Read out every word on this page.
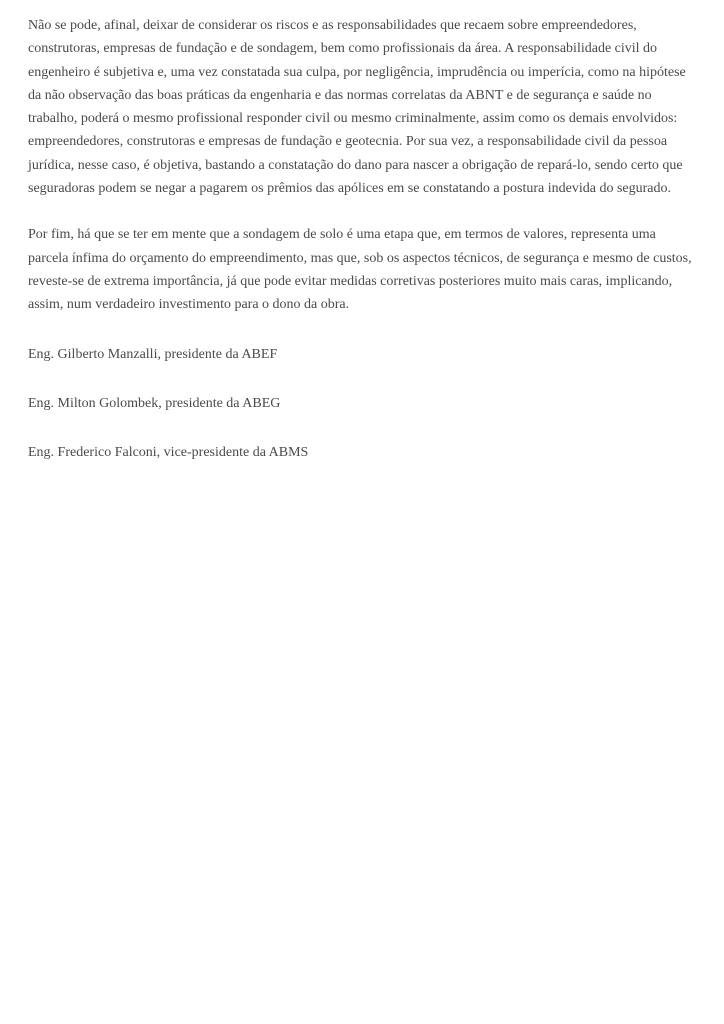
Não se pode, afinal, deixar de considerar os riscos e as responsabilidades que recaem sobre empreendedores, construtoras, empresas de fundação e de sondagem, bem como profissionais da área. A responsabilidade civil do engenheiro é subjetiva e, uma vez constatada sua culpa, por negligência, imprudência ou imperícia, como na hipótese da não observação das boas práticas da engenharia e das normas correlatas da ABNT e de segurança e saúde no trabalho, poderá o mesmo profissional responder civil ou mesmo criminalmente, assim como os demais envolvidos: empreendedores, construtoras e empresas de fundação e geotecnia. Por sua vez, a responsabilidade civil da pessoa jurídica, nesse caso, é objetiva, bastando a constatação do dano para nascer a obrigação de repará-lo, sendo certo que seguradoras podem se negar a pagarem os prêmios das apólices em se constatando a postura indevida do segurado.

Por fim, há que se ter em mente que a sondagem de solo é uma etapa que, em termos de valores, representa uma parcela ínfima do orçamento do empreendimento, mas que, sob os aspectos técnicos, de segurança e mesmo de custos, reveste-se de extrema importância, já que pode evitar medidas corretivas posteriores muito mais caras, implicando, assim, num verdadeiro investimento para o dono da obra.

Eng. Gilberto Manzalli, presidente da ABEF

Eng. Milton Golombek, presidente da ABEG

Eng. Frederico Falconi, vice-presidente da ABMS
